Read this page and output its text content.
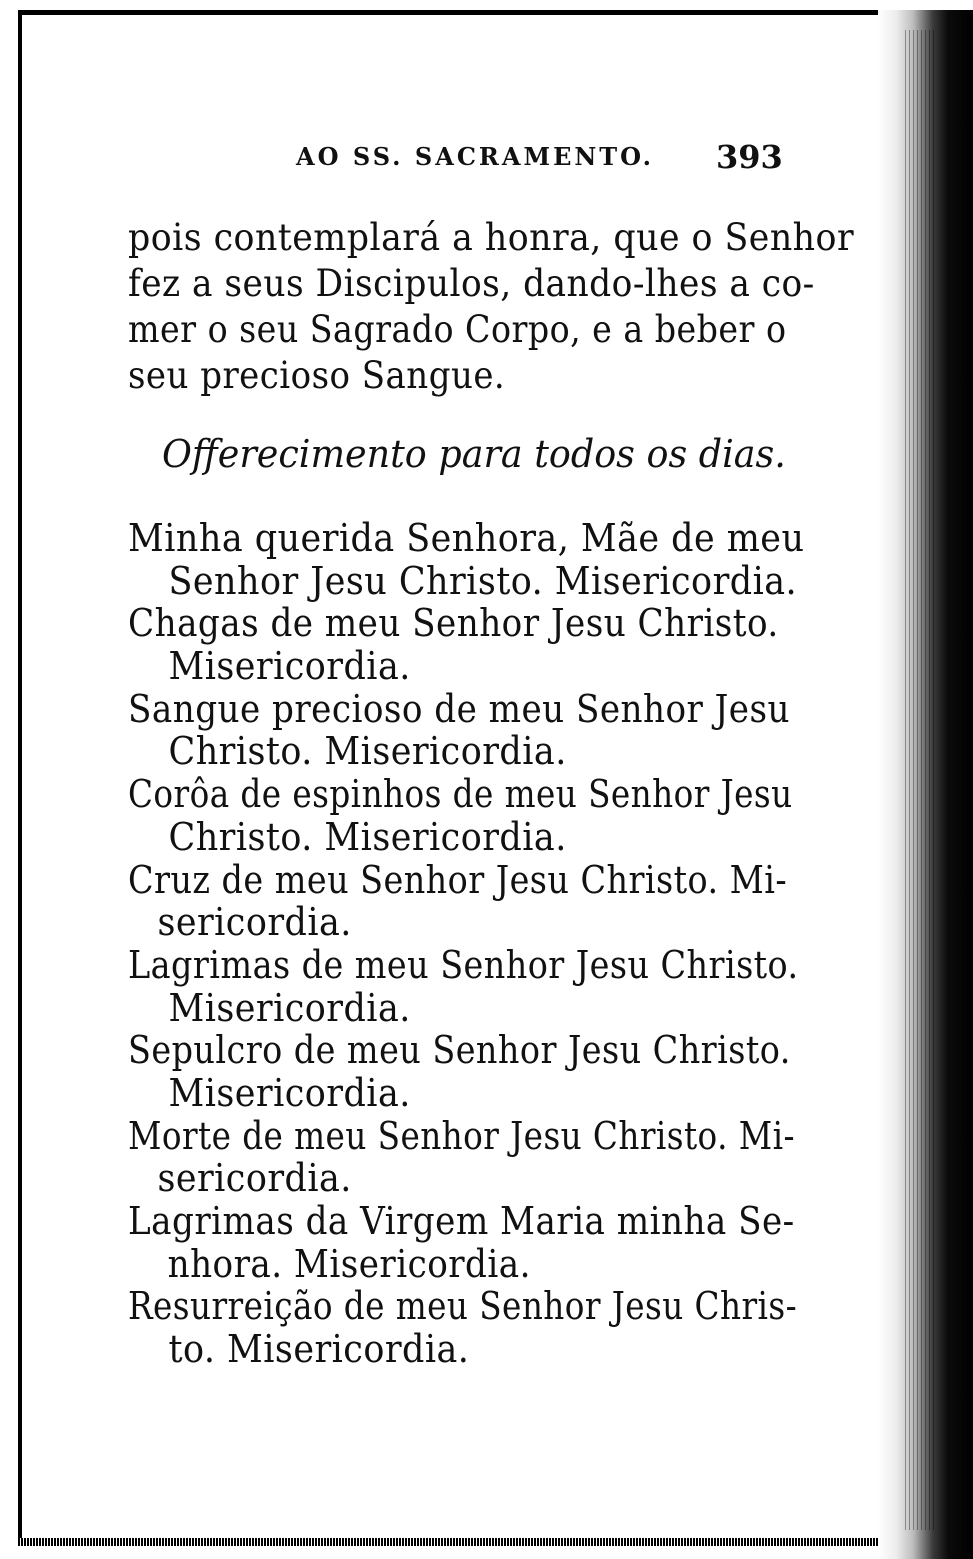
AO SS. SACRAMENTO. 393
pois contemplará a honra, que o Senhor
fez a seus Discipulos, dando-lhes a co-
mer o seu Sagrado Corpo, e a beber o
seu precioso Sangue.
Offerecimento para todos os dias.
Minha querida Senhora, Mãe de meu
Senhor Jesu Christo. Misericordia.
Chagas de meu Senhor Jesu Christo.
Misericordia.
Sangue precioso de meu Senhor Jesu
Christo. Misericordia.
Corôa de espinhos de meu Senhor Jesu
Christo. Misericordia.
Cruz de meu Senhor Jesu Christo. Mi-
sericordia.
Lagrimas de meu Senhor Jesu Christo.
Misericordia.
Sepulcro de meu Senhor Jesu Christo.
Misericordia.
Morte de meu Senhor Jesu Christo. Mi-
sericordia.
Lagrimas da Virgem Maria minha Se-
nhora. Misericordia.
Resurreição de meu Senhor Jesu Chris-
to. Misericordia.
